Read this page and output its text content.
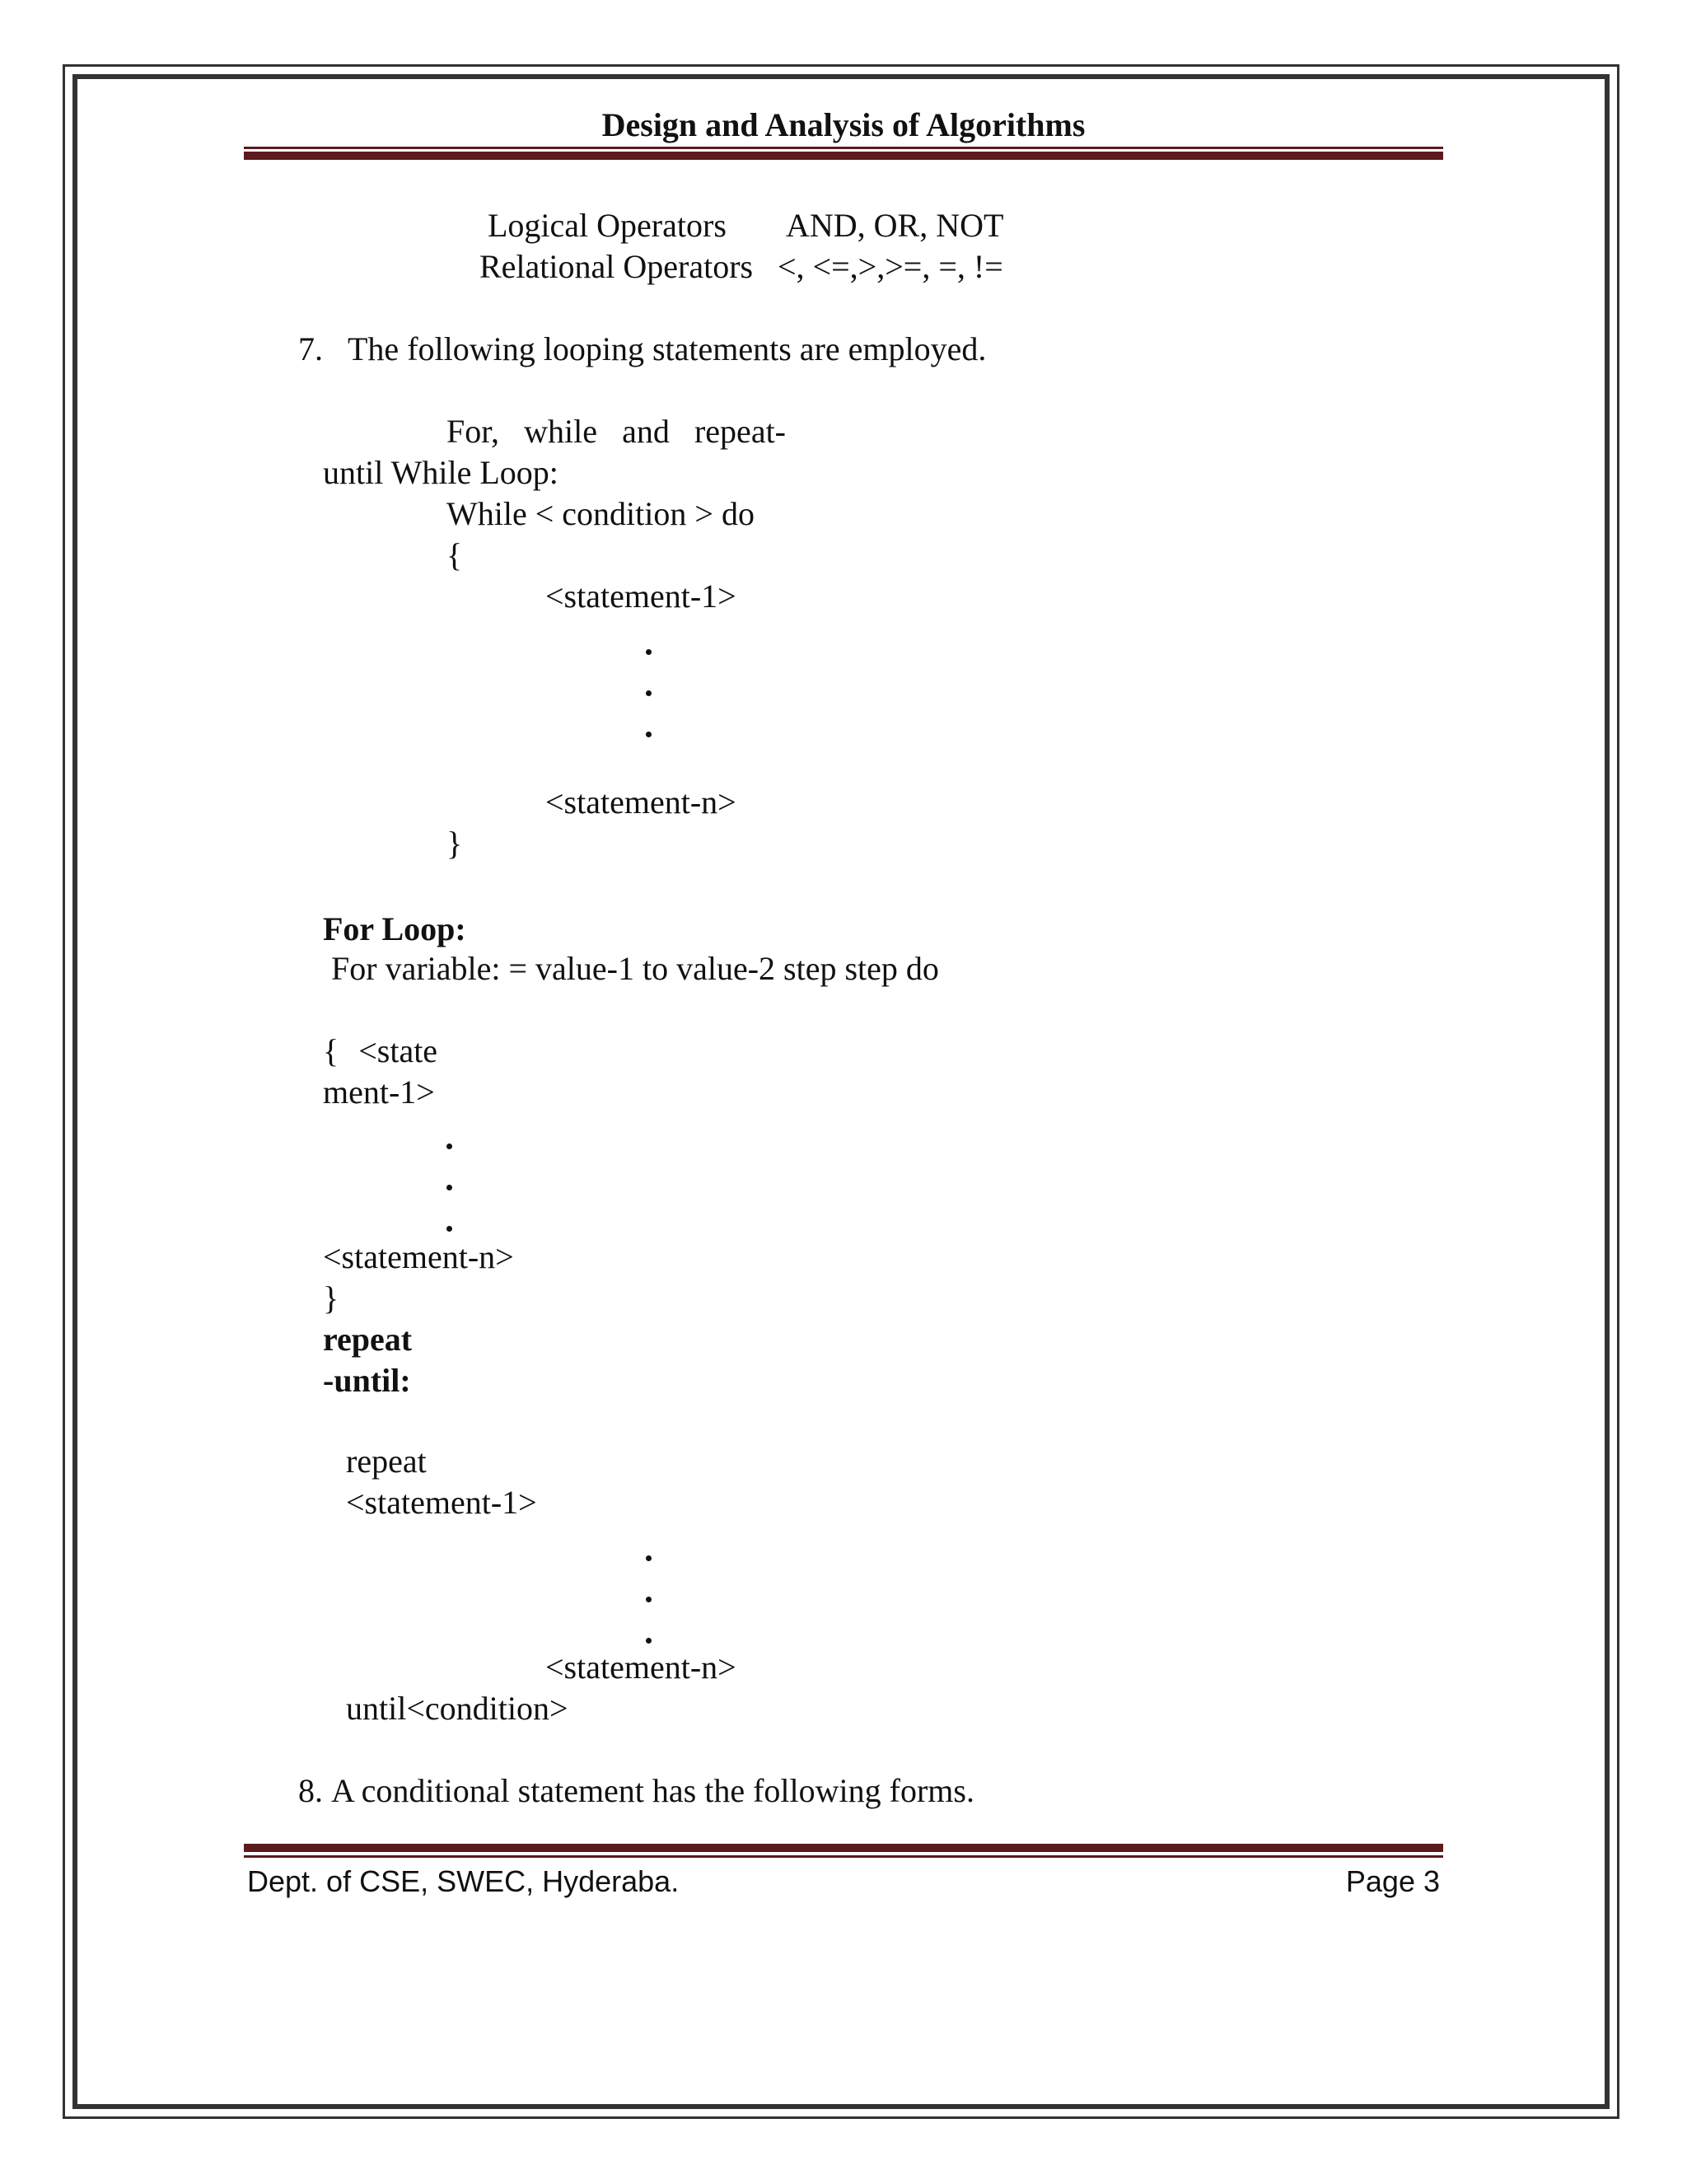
Design and Analysis of Algorithms
Logical Operators AND, OR, NOT
Relational Operators <, <=,>,>=, =, !=
7. The following looping statements are employed.
For, while and repeat-
until While Loop:
While < condition > do
{
<statement-1>
<statement-n>
}
For Loop:
For variable: = value-1 to value-2 step step do
{ <state
ment-1>
<statement-n>
}
repeat
-until:
repeat
<statement-1>
<statement-n>
until<condition>
8. A conditional statement has the following forms.
Dept. of CSE, SWEC, Hyderaba.	Page 3
